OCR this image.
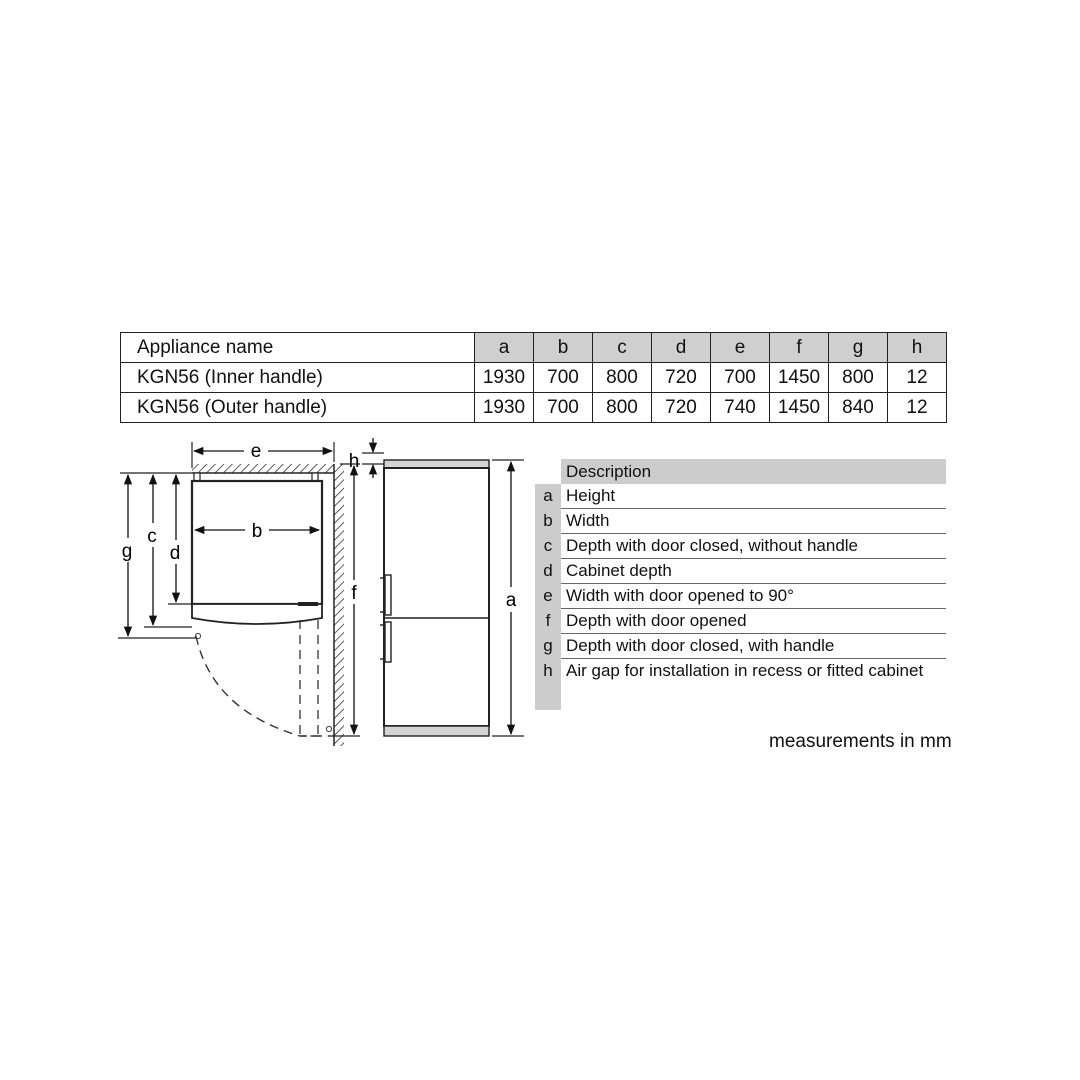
Appliance name	a	b	c	d	e	f	g	h
KGN56 (Inner handle)	1930	700	800	720	700	1450	800	12
KGN56 (Outer handle)	1930	700	800	720	740	1450	840	12
e
b
g
c
d
f
h
a
Description
a Height
b Width
c Depth with door closed, without handle
d Cabinet depth
e Width with door opened to 90°
f Depth with door opened
g Depth with door closed, with handle
h Air gap for installation in recess or fitted cabinet
measurements in mm
